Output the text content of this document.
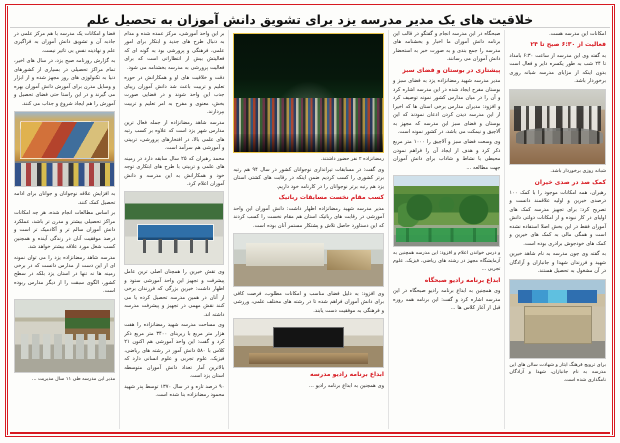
خلاقیت های یک مدیر مدرسه یزد برای تشویق دانش آموزان به تحصیل علم

امکانات این مدرسه هست.

فعالیت از ۶:۳۰ صبح تا ۲۴

به گفته وی این مدرسه از ساعت ۶:۳۰ بامداد تا ۲۴ شب به طور یکسره دایر و فعال است بدون اینکه از مزایای مدرسه شبانه روزی برخوردار باشد.

شبانه روزی برخوردار باشد.

کمک صد در صدی خیران

رهبران، همه امکانات موجود را با کمک ۱۰۰ درصدی خیرین و اولیه علاقمند دانست و تصریح کرد: برای تجهیز مدرسه کمک های اولیای در کار نبوده و از امکانات دولتی دانش آموزان فقط در این بخش اصلا استفاده نشده است و همگی مالی به کمک های خیرین و کمک های خودجوش برادری بوده است.

به گفته وی چون مدرسه به نام شاهد خیرین شهید و فرزندان شهدا و جانبازان و آزادگان در آن مشغول به تحصیل هستند.

برای ترویج فرهنگ ایثار و شهادت سالن های این مدرسه به نام جانبازان، شهدا و آزادگان نامگذاری شده است.

صبحگاه در این مدرسه انجام و گفتگو در قالب این برنامه دانش آموزان ما اخبار و بخشنامه های مدرسه را جمع بندی و به صورت خبر به استحضار دانش آموزان می رسانند.

پیشتازی در بوستان و فضای سبز

مدیر مدرسه شهید رمضانزاده یزد به فضای سبز و بوستان مفرح ایجاد شده در این مدرسه اشاره کرد و آن را در میان مدارس کشور نمونه توصیف کرد و افزود: مدیران مدارس برخی استان ها که اخیرا از این مدرسه دیدن کردن اذعان نمودند که این بوستان و فضای سبز این مدرسه که مجهز به آلاچیق و نیمکت می باشد، در کشور نمونه است.

وی وسعت فضای سبز و آلاچیق را ۱۰۰۰ متر مربع ذکر کرد و هدف از ایجاد آن را فراهم نمودن محیطی با نشاط و شاداب برای دانش آموزان جهت مطالعه ...

و درس خواندن اعلام و افزود: این مدرسه همچنین به آزمایشگاه مجهز در رشته های ریاضی، فیزیک، علوم تجربی ...

ابداع برنامه رادیو صبحگاه

وی همچنین به ابداع برنامه رادیو صبحگاه در این مدرسه اشاره کرد و گفت: این برنامه همه روزه قبل از آغاز کلاس ها ...

رمضانزاده ۲ نفر حضور داشتند.

وی گفت: در مسابقات تیراندازی نوجوانان کشور در سال ۹۴ هم رتبه برتر کشوری را کسب کردیم ضمن اینکه در رقابت های کشتی استان یزد هم رتبه برتر نوجوانان را در کارنامه خود داریم.

کسب مقام نخست مسابقات رباتیک

مدیر مدرسه شهید رمضانزاده اظهار داشت: دانش آموزان این واحد آموزشی در رقابت های رباتیک استان هم مقام نخست را کسب کردند که این دستاورد حاصل تلاش و پشتکار مستمر آنان بوده است.

وی افزود: به دلیل فضای مناسب و امکانات مطلوب، فرصت کافی برای دانش آموزان فراهم شده تا در رشته های مختلف علمی، ورزشی و فرهنگی به موفقیت دست یابند.

ابداع برنامه رادیو مدرسه

وی همچنین به ابداع برنامه رادیو ...

بر این واحد آموزشی، مرکز عمده شده و مدام به دنبال طرح های جدید و ابتکار برای امور علمی، فرهنگی و پرورشی بود به گونه ای که فعالیتش بیش از انتظاراتی است که برای فعالیت پرورشی به مدرسه بخشنامه می شود.

دقت و خلاقیت های او و همکارانش در حوزه تعلیم و تربیت باعث شد دانش آموزان زیبای جذب این واحد شوند و در فضایی صورت بخش، معنوی و مفرح به امر تعلیم و تربیت بپردازند.

مدرسه شاهد رمضانزاده از جمله فعال ترین مدارس شهر یزد است که علاوه بر کسب رتبه های علمی بالا، در افتخارهای پرورشی، تربیتی و آموزشی هم سرآمد است.

محمد رهبران که ۲۵ سال سابقه دارد در زمینه های علمی و تربیتی با طرح های ابتکاری توجه خود و همکارانش به این مدرسه و دانش آموزان اعلام کرد.

وی تقش خیرین را همچنان اصلی ترین عامل پیشرفت و تجهیز این واحد آموزشی ستود و اظهار داشت: خیرین بزرگی که فرزندان برخی از آنان در همین مدرسه تحصیل کرده یا می کنند نقش مهمی در تجهیز و پیشرفت مدرسه داشته اند.

وی مساحت مدرسه شهید رمضانزاده را هفت هزار متر مربع با زیربنای ۳۴۰۰ متر مربع ذکر کرد و گفت: این واحد آموزشی هم اکنون ۲۱ کلاس با ۵۸۰ دانش آموز در رشته های ریاضی، فیزیک، علوم تجربی و علوم انسانی دارد که بالاترین آمار تعداد دانش آموزان متوسطه استان یزد است.

۹۰ درصد تازه و در سال ۱۳۷۰ توسط پدر شهید محمود رمضانزاده بنا شده است.

فضا و امکانات یک مدرسه با هم مرکز علمی در جاذبه آن و تشویق دانش آموزان به فراگیری علم و نهادینه نفس بی تاثیر نیست.

به گزارش روزنامه صبح یزد، در سال های اخیر، تمام مراکز تحصیلی در بسیاری از کشورهای دنیا به تکنولوژی های روز مجهز شده و از ابزار و وسایل مدرن برای آموزش دانش آموزان بهره می گیرند و در این راستا حتی فضای تحصیل و آموزش را هم ایجاد شروع و جذاب می کنند.

به افزایش علاقه نوجوانان و جوانان برای ادامه تحصیل کمک کنند.

بر اساس مطالعات انجام شده، هر چه امکانات مراکز تحصیلی بیشتر و مدرن تر باشد، عملکرد دانش آموزان سالم تر و آکادمیک تر است و درصد موفقیت آنان در زندگی آینده و همچنین کسب شغل مورد علاقه بیشتر خواهد شد.

مدرسه شاهد رمضانزاده یزد را می توان نمونه ای از این دست از مدارس دانست که در برخی زمینه ها نه تنها در استان یزد بلکه در سطح کشور، الگوی سبقت را از دیگر مدارس ربوده است.

مدیر این مدرسه طی ۱۱ سال مدیریت ...
